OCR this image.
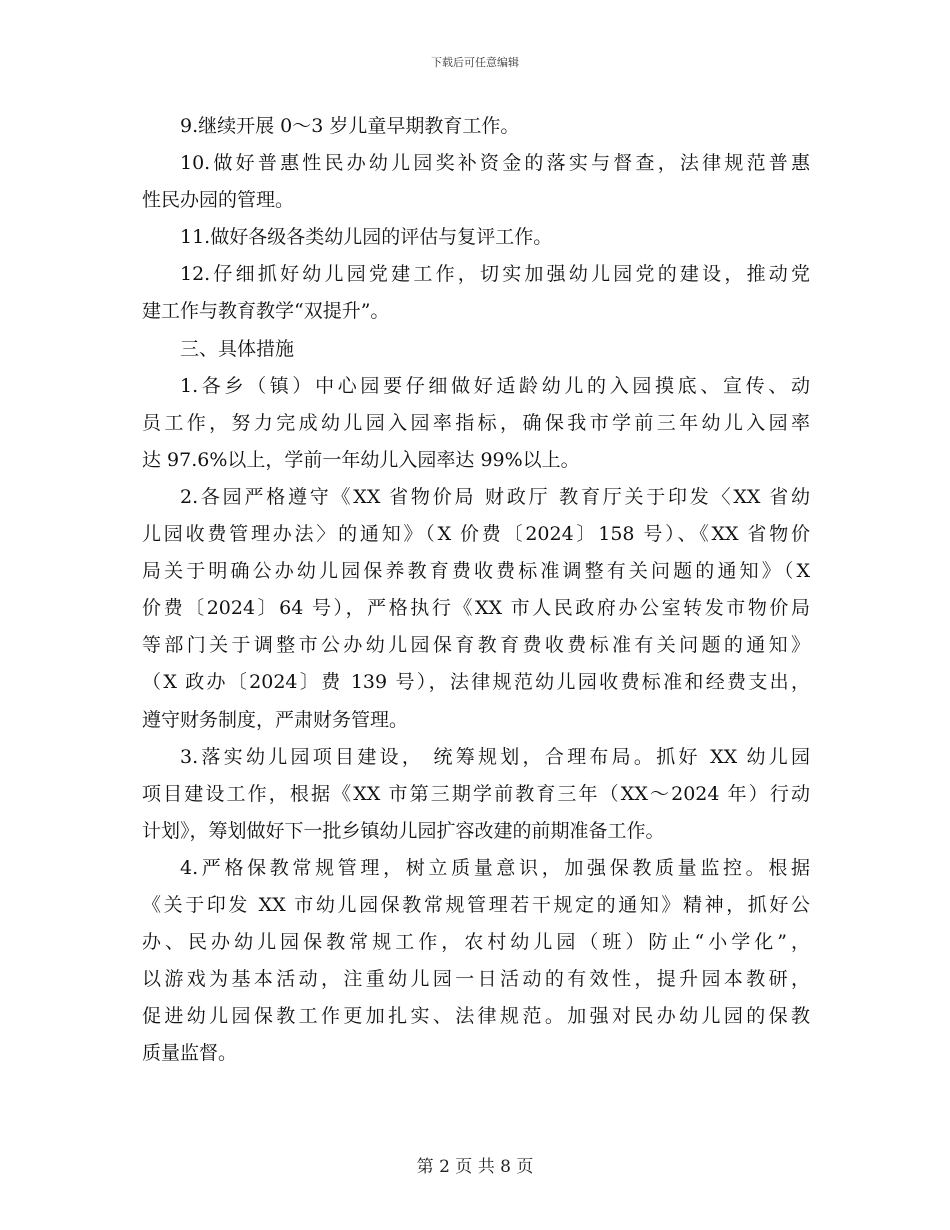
下载后可任意编辑
9.继续开展 0～3 岁儿童早期教育工作。
10.做好普惠性民办幼儿园奖补资金的落实与督查，法律规范普惠
性民办园的管理。
11.做好各级各类幼儿园的评估与复评工作。
12.仔细抓好幼儿园党建工作，切实加强幼儿园党的建设，推动党
建工作与教育教学“双提升”。
三、具体措施
1.各乡（镇）中心园要仔细做好适龄幼儿的入园摸底、宣传、动
员工作，努力完成幼儿园入园率指标，确保我市学前三年幼儿入园率
达 97.6%以上，学前一年幼儿入园率达 99%以上。
2.各园严格遵守《XX 省物价局 财政厅 教育厅关于印发〈XX 省幼
儿园收费管理办法〉的通知》（X 价费〔2024〕158 号）、《XX 省物价
局关于明确公办幼儿园保养教育费收费标准调整有关问题的通知》（X
价费〔2024〕64 号），严格执行《XX 市人民政府办公室转发市物价局
等部门关于调整市公办幼儿园保育教育费收费标准有关问题的通知》
（X 政办〔2024〕费 139 号），法律规范幼儿园收费标准和经费支出，
遵守财务制度，严肃财务管理。
3.落实幼儿园项目建设， 统筹规划，合理布局。抓好 XX 幼儿园
项目建设工作，根据《XX 市第三期学前教育三年（XX～2024 年）行动
计划》，筹划做好下一批乡镇幼儿园扩容改建的前期准备工作。
4.严格保教常规管理，树立质量意识，加强保教质量监控。根据
《关于印发 XX 市幼儿园保教常规管理若干规定的通知》精神，抓好公
办、民办幼儿园保教常规工作，农村幼儿园（班）防止“小学化”，
以游戏为基本活动，注重幼儿园一日活动的有效性，提升园本教研，
促进幼儿园保教工作更加扎实、法律规范。加强对民办幼儿园的保教
质量监督。
第 2 页 共 8 页
